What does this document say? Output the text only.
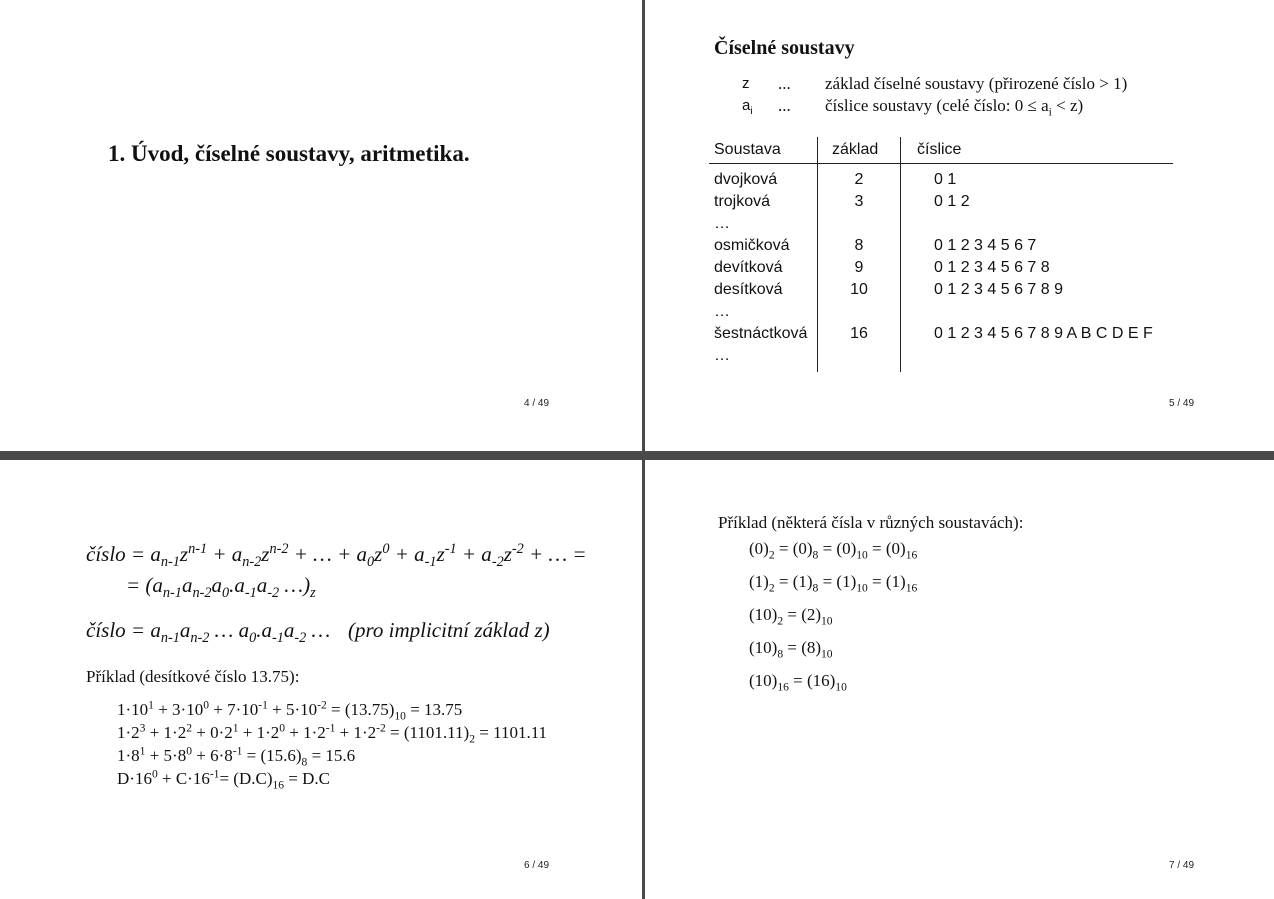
1. Úvod, číselné soustavy, aritmetika.
4 / 49
Číselné soustavy
z ... základ číselné soustavy (přirozené číslo > 1)
$a_i$ ... číslice soustavy (celé číslo: $0 \le a_i < z$)
Soustava	základ číslice
dvojková	2	0 1
trojková	3	0 1 2
…
osmičková	8	0 1 2 3 4 5 6 7
devítková	9	0 1 2 3 4 5 6 7 8
desítková	10	0 1 2 3 4 5 6 7 8 9
…
šestnáctková	16	0 1 2 3 4 5 6 7 8 9 A B C D E F
…
5 / 49
číslo = $a_{n-1}z^{n-1} + a_{n-2}z^{n-2}$ + … + $a_0z^0 + a_{-1}z^{-1} + a_{-2}z^{-2}$ + … =
= ($a_{n-1}a_{n-2}a_0.a_{-1}a_{-2}$ $\dots)_z$
číslo = $a_{n-1}a_{n-2}$ … $a_0.a_{-1}a_{-2}$ … (pro implicitní základ z)
Příklad (desítkové číslo 13.75):
$1\cdot 10^1 + 3\cdot 10^0 + 7\cdot 10^{-1} + 5\cdot 10^{-2} = (13.75)_{10} = 13.75$
$1\cdot 2^3 + 1\cdot 2^2 + 0\cdot 2^1 + 1\cdot 2^0 + 1\cdot 2^{-1} + 1\cdot 2^{-2} = (1101.11)_2 = 1101.11$
$1\cdot 8^1 + 5\cdot 8^0 + 6\cdot 8^{-1} = (15.6)_8 = 15.6$
$D\cdot 16^0 + C\cdot 16^{-1}= (D.C)_{16} = D.C$
6 / 49
Příklad (některá čísla v různých soustavách):
$(0)_2 = (0)_8 = (0)_{10} = (0)_{16}$
$(1)_2 = (1)_8 = (1)_{10} = (1)_{16}$
$(10)_2 = (2)_{10}$
$(10)_8 = (8)_{10}$
$(10)_{16} = (16)_{10}$
7 / 49
